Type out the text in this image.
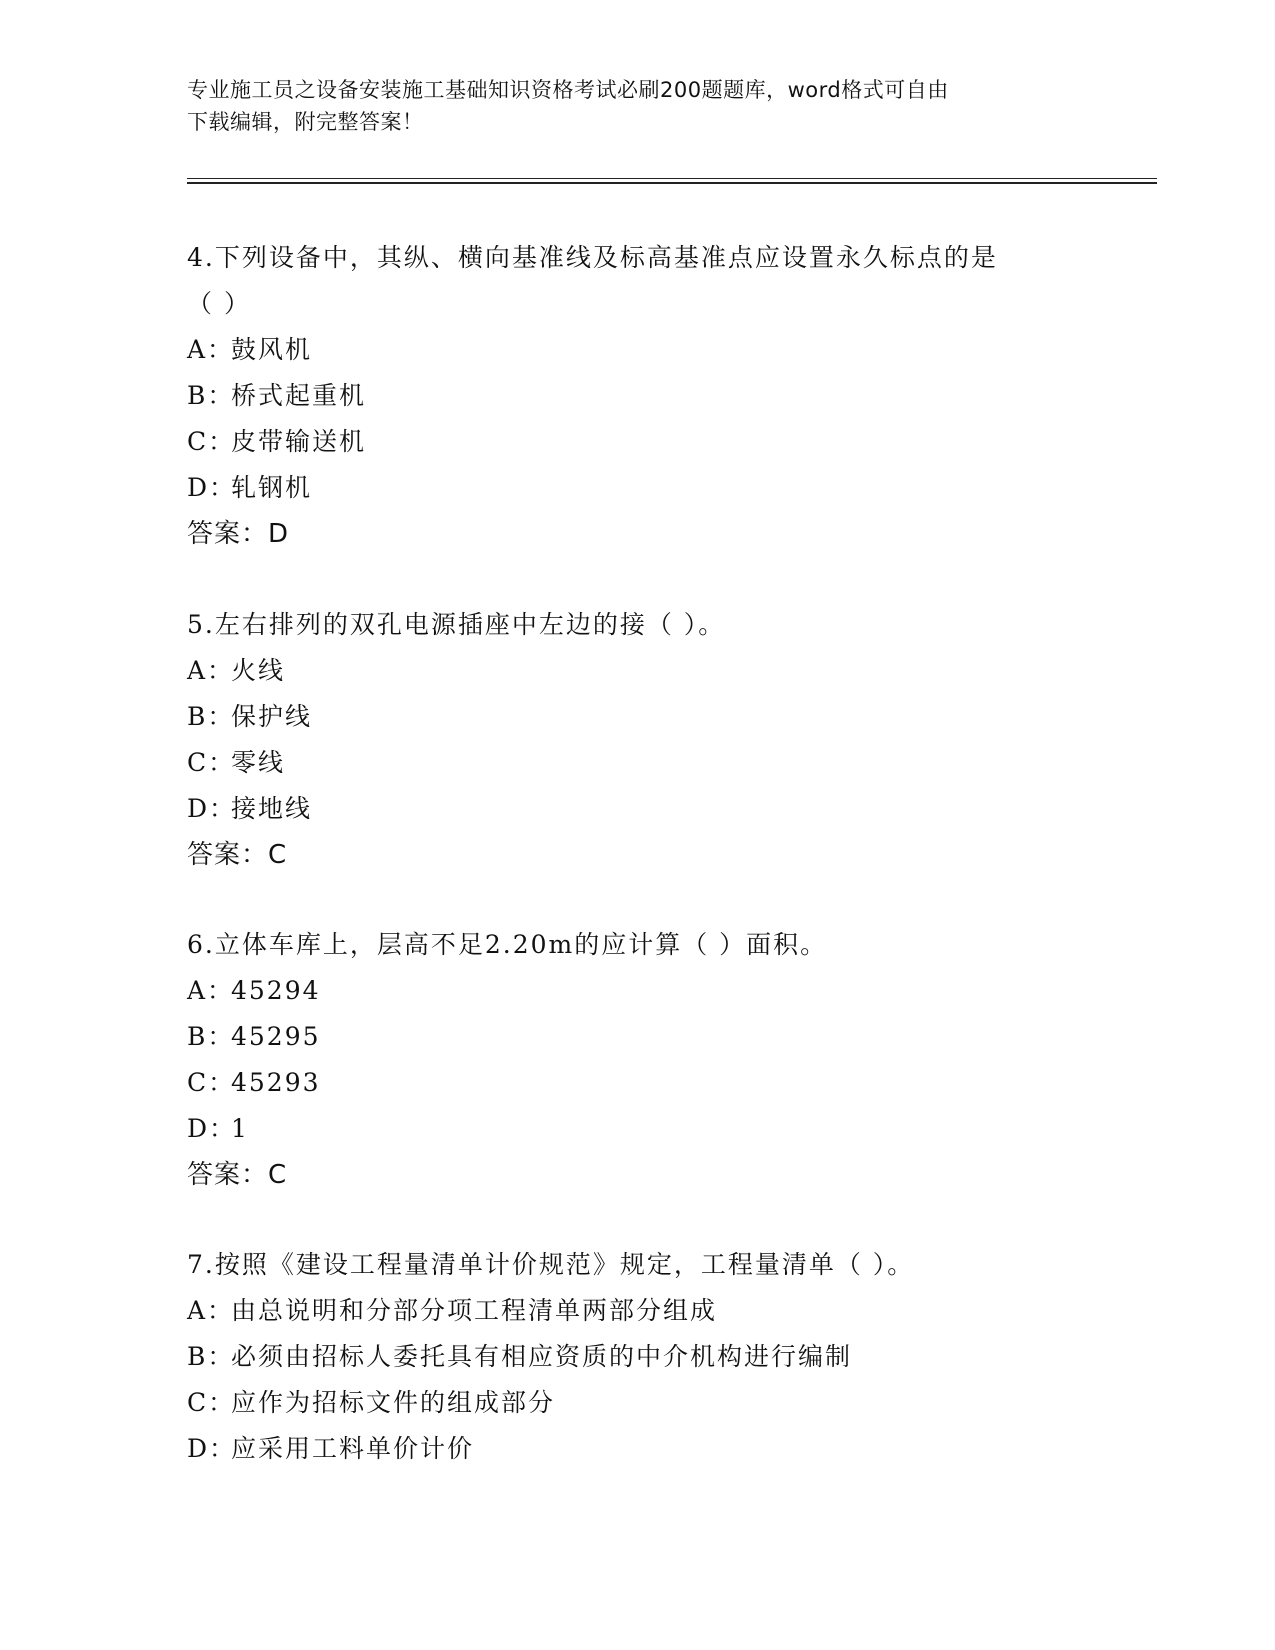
专业施工员之设备安装施工基础知识资格考试必刷200题题库，word格式可自由
下载编辑，附完整答案！

4.下列设备中，其纵、横向基准线及标高基准点应设置永久标点的是

（ ）

A：
鼓风机

B：
桥式起重机

C：
皮带输送机

D：
轧钢机

答案：D

5.左右排列的双孔电源插座中左边的接（ ）。

A：
火线

B：
保护线

C：
零线

D：
接地线

答案：C

6.立体车库上，层高不足2.20m的应计算（ ）面积。

A：
45294

B：
45295

C：
45293

D：
1

答案：C

7.按照《建设工程量清单计价规范》规定，工程量清单（ ）。

A：
由总说明和分部分项工程清单两部分组成

B：
必须由招标人委托具有相应资质的中介机构进行编制

C：
应作为招标文件的组成部分

D：
应采用工料单价计价
